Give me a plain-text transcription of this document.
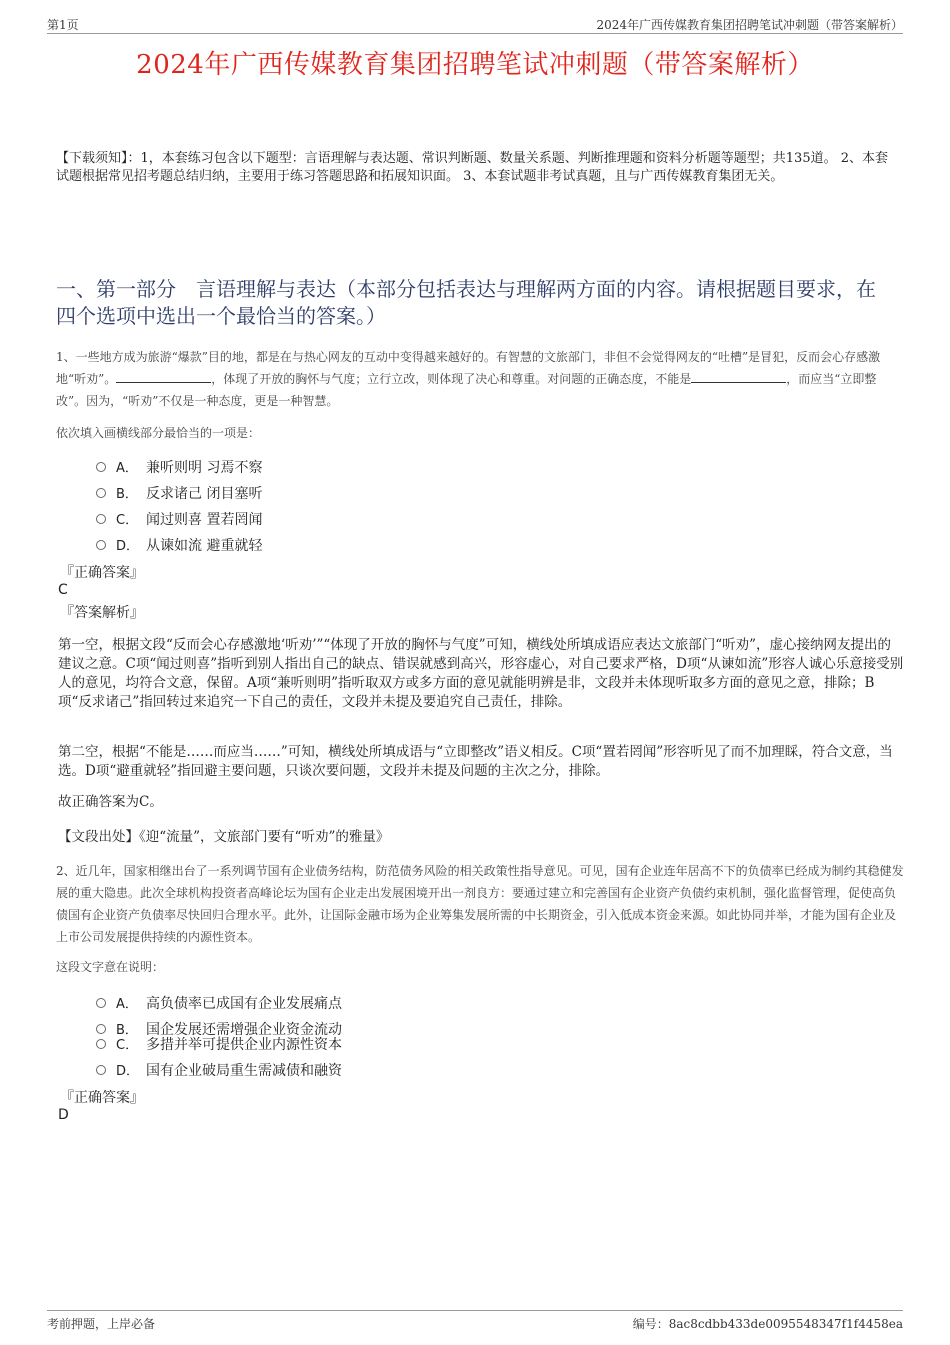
第1页	2024年广西传媒教育集团招聘笔试冲刺题（带答案解析）
2024年广西传媒教育集团招聘笔试冲刺题（带答案解析）
【下载须知】：1，本套练习包含以下题型：言语理解与表达题、常识判断题、数量关系题、判断推理题和资料分析题等题型；共135道。 2、本套试题根据常见招考题总结归纳，主要用于练习答题思路和拓展知识面。 3、本套试题非考试真题，且与广西传媒教育集团无关。
一、第一部分　言语理解与表达（本部分包括表达与理解两方面的内容。请根据题目要求，在四个选项中选出一个最恰当的答案。）
1、一些地方成为旅游“爆款”目的地，都是在与热心网友的互动中变得越来越好的。有智慧的文旅部门，非但不会觉得网友的“吐槽”是冒犯，反而会心存感激地“听劝”。	，体现了开放的胸怀与气度；立行立改，则体现了决心和尊重。对问题的正确态度，不能是	，而应当“立即整改”。因为，“听劝”不仅是一种态度，更是一种智慧。
依次填入画横线部分最恰当的一项是：
A． 兼听则明 习焉不察
B． 反求诸己 闭目塞听
C． 闻过则喜 置若罔闻
D． 从谏如流 避重就轻
『正确答案』
C
『答案解析』
第一空，根据文段“反而会心存感激地‘听劝’”“体现了开放的胸怀与气度”可知，横线处所填成语应表达文旅部门“听劝”，虚心接纳网友提出的建议之意。C项“闻过则喜”指听到别人指出自己的缺点、错误就感到高兴，形容虚心，对自己要求严格，D项“从谏如流”形容人诚心乐意接受别人的意见，均符合文意，保留。A项“兼听则明”指听取双方或多方面的意见就能明辨是非，文段并未体现听取多方面的意见之意，排除；B项“反求诸己”指回转过来追究一下自己的责任，文段并未提及要追究自己责任，排除。
第二空，根据“不能是……而应当……”可知，横线处所填成语与“立即整改”语义相反。C项“置若罔闻”形容听见了而不加理睬，符合文意，当选。D项“避重就轻”指回避主要问题，只谈次要问题，文段并未提及问题的主次之分，排除。
故正确答案为C。
【文段出处】《迎“流量”，文旅部门要有“听劝”的雅量》
2、近几年，国家相继出台了一系列调节国有企业债务结构，防范债务风险的相关政策性指导意见。可见，国有企业连年居高不下的负债率已经成为制约其稳健发展的重大隐患。此次全球机构投资者高峰论坛为国有企业走出发展困境开出一剂良方：要通过建立和完善国有企业资产负债约束机制，强化监督管理，促使高负债国有企业资产负债率尽快回归合理水平。此外，让国际金融市场为企业筹集发展所需的中长期资金，引入低成本资金来源。如此协同并举，才能为国有企业及上市公司发展提供持续的内源性资本。
这段文字意在说明：
A． 高负债率已成国有企业发展痛点
B． 国企发展还需增强企业资金流动
C． 多措并举可提供企业内源性资本
D． 国有企业破局重生需减债和融资
『正确答案』
D
考前押题，上岸必备	编号：8ac8cdbb433de0095548347f1f4458ea
